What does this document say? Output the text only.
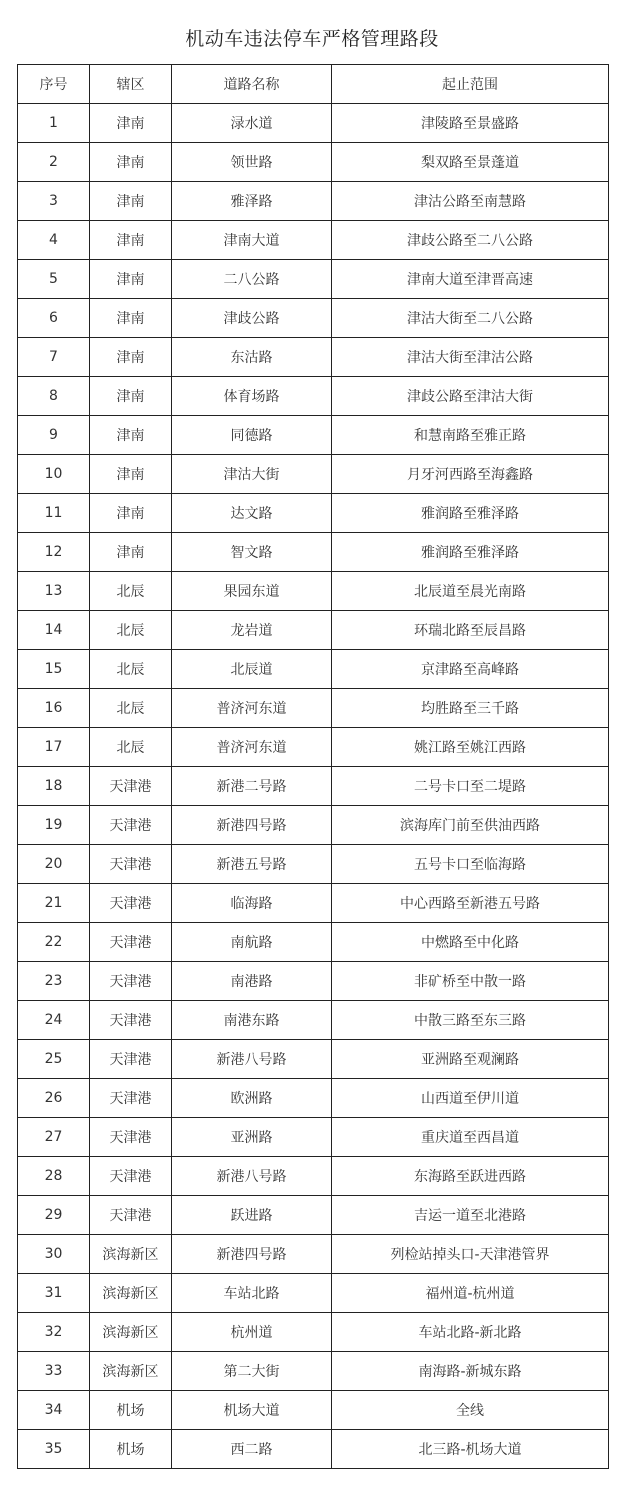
机动车违法停车严格管理路段
序号	辖区	道路名称	起止范围
1	津南	渌水道	津陵路至景盛路
2	津南	领世路	梨双路至景蓬道
3	津南	雅泽路	津沽公路至南慧路
4	津南	津南大道	津歧公路至二八公路
5	津南	二八公路	津南大道至津晋高速
6	津南	津歧公路	津沽大街至二八公路
7	津南	东沽路	津沽大街至津沽公路
8	津南	体育场路	津歧公路至津沽大街
9	津南	同德路	和慧南路至雅正路
10	津南	津沽大街	月牙河西路至海鑫路
11	津南	达文路	雅润路至雅泽路
12	津南	智文路	雅润路至雅泽路
13	北辰	果园东道	北辰道至晨光南路
14	北辰	龙岩道	环瑞北路至辰昌路
15	北辰	北辰道	京津路至高峰路
16	北辰	普济河东道	均胜路至三千路
17	北辰	普济河东道	姚江路至姚江西路
18	天津港	新港二号路	二号卡口至二堤路
19	天津港	新港四号路	滨海库门前至供油西路
20	天津港	新港五号路	五号卡口至临海路
21	天津港	临海路	中心西路至新港五号路
22	天津港	南航路	中燃路至中化路
23	天津港	南港路	非矿桥至中散一路
24	天津港	南港东路	中散三路至东三路
25	天津港	新港八号路	亚洲路至观澜路
26	天津港	欧洲路	山西道至伊川道
27	天津港	亚洲路	重庆道至西昌道
28	天津港	新港八号路	东海路至跃进西路
29	天津港	跃进路	吉运一道至北港路
30	滨海新区	新港四号路	列检站掉头口-天津港管界
31	滨海新区	车站北路	福州道-杭州道
32	滨海新区	杭州道	车站北路-新北路
33	滨海新区	第二大街	南海路-新城东路
34	机场	机场大道	全线
35	机场	西二路	北三路-机场大道
